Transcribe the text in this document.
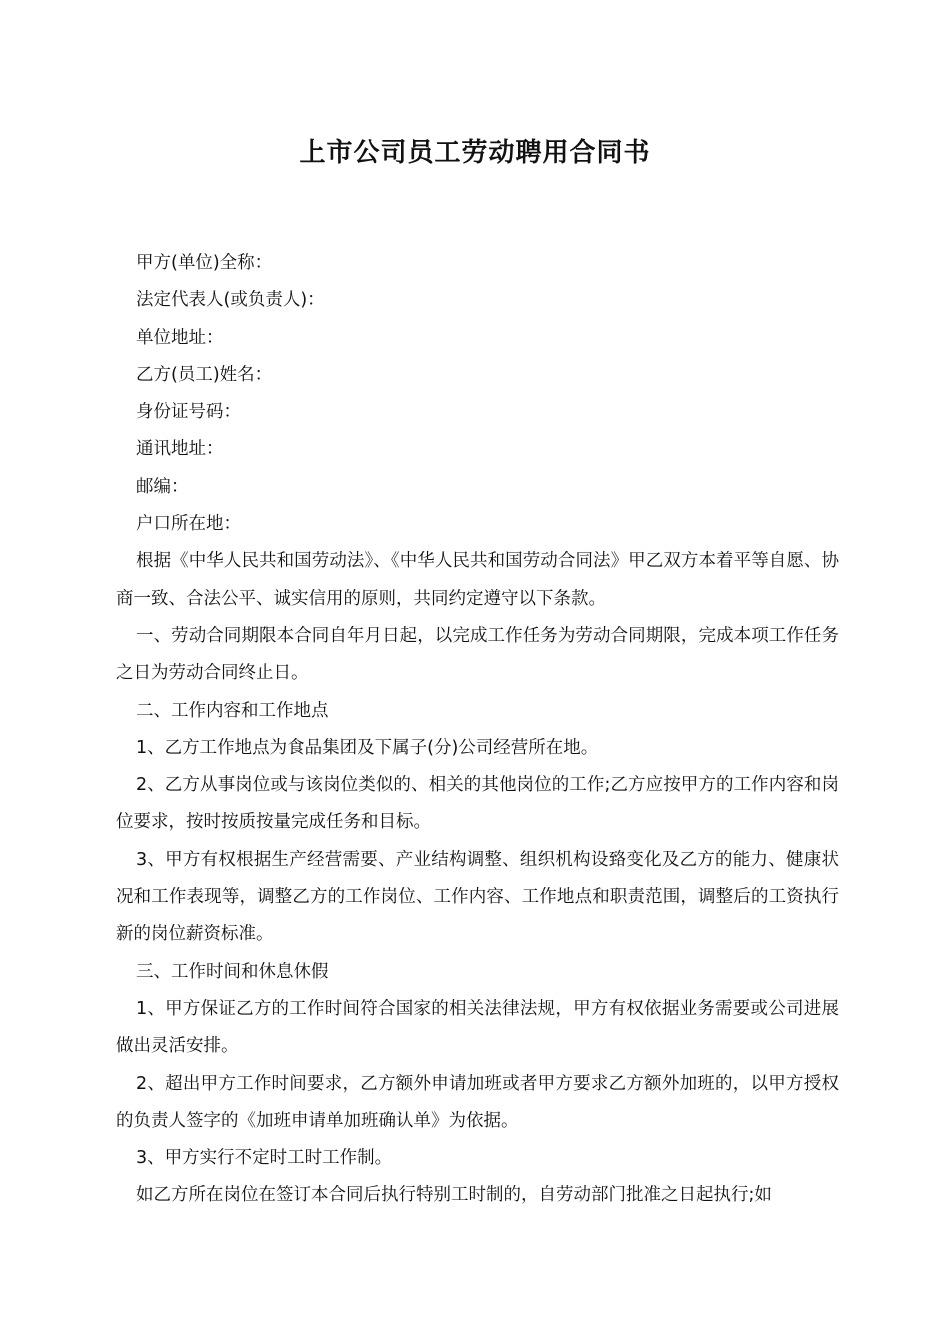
上市公司员工劳动聘用合同书

甲方(单位)全称：

法定代表人(或负责人)：

单位地址：

乙方(员工)姓名：

身份证号码：

通讯地址：

邮编：

户口所在地：

根据《中华人民共和国劳动法》、《中华人民共和国劳动合同法》甲乙双方本着平等自愿、协商一致、合法公平、诚实信用的原则，共同约定遵守以下条款。

一、劳动合同期限本合同自年月日起，以完成工作任务为劳动合同期限，完成本项工作任务之日为劳动合同终止日。

二、工作内容和工作地点

1、乙方工作地点为食品集团及下属子(分)公司经营所在地。

2、乙方从事岗位或与该岗位类似的、相关的其他岗位的工作;乙方应按甲方的工作内容和岗位要求，按时按质按量完成任务和目标。

3、甲方有权根据生产经营需要、产业结构调整、组织机构设臵变化及乙方的能力、健康状况和工作表现等，调整乙方的工作岗位、工作内容、工作地点和职责范围，调整后的工资执行新的岗位薪资标准。

三、工作时间和休息休假

1、甲方保证乙方的工作时间符合国家的相关法律法规，甲方有权依据业务需要或公司进展做出灵活安排。

2、超出甲方工作时间要求，乙方额外申请加班或者甲方要求乙方额外加班的，以甲方授权的负责人签字的《加班申请单加班确认单》为依据。

3、甲方实行不定时工时工作制。

如乙方所在岗位在签订本合同后执行特别工时制的，自劳动部门批准之日起执行;如
